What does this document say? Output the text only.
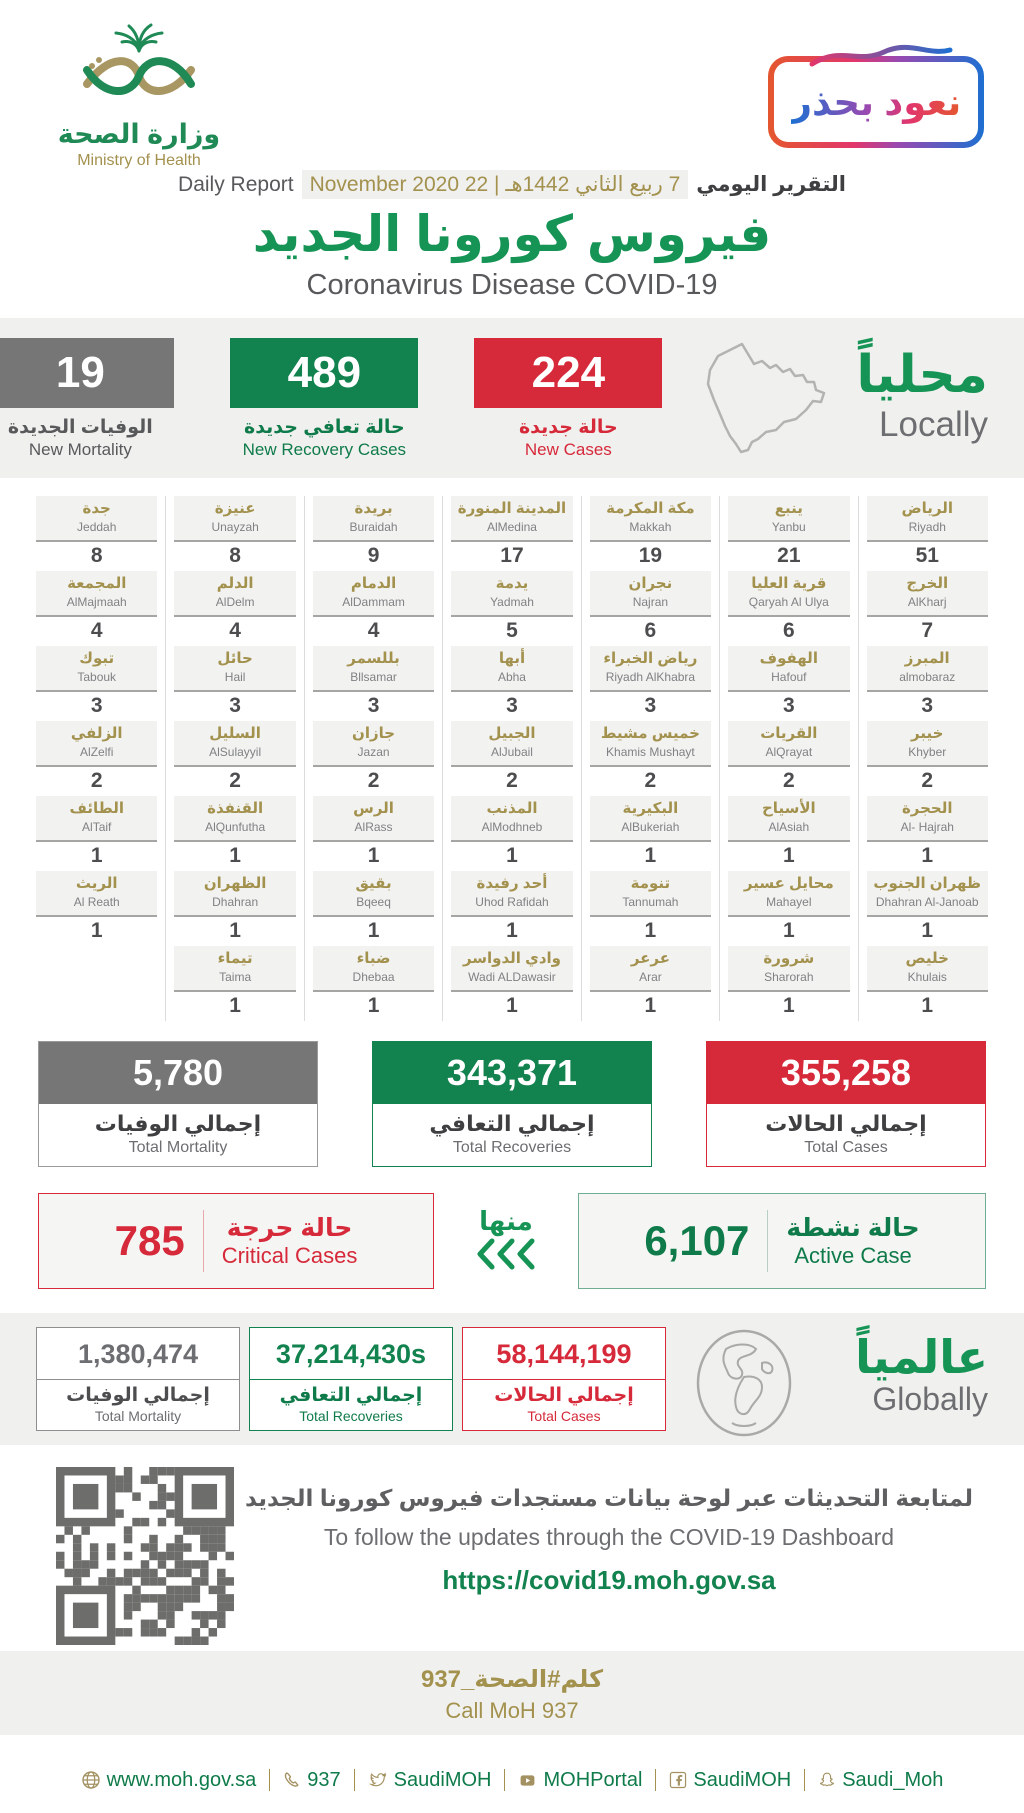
وزارة الصحة
Ministry of Health
نعود بحذر
التقرير اليومي
7 ربيع الثاني 1442هـ | 22 November 2020
Daily Report
فيروس كورونا الجديد
Coronavirus Disease COVID-19
محلياً
Locally
224
حالة جديدة
New Cases
489
حالة تعافي جديدة
New Recovery Cases
19
الوفيات الجديدة
New Mortality
جدة
Jeddah
8
المجمعة
AlMajmaah
4
تبوك
Tabouk
3
الزلفي
AlZelfi
2
الطائف
AlTaif
1
الريث
Al Reath
1
عنيزة
Unayzah
8
الدلم
AlDelm
4
حائل
Hail
3
السليل
AlSulayyil
2
القنفذة
AlQunfutha
1
الظهران
Dhahran
1
تيماء
Taima
1
بريدة
Buraidah
9
الدمام
AlDammam
4
بللسمر
Bllsamar
3
جازان
Jazan
2
الرس
AlRass
1
بقيق
Bqeeq
1
ضباء
Dhebaa
1
المدينة المنورة
AlMedina
17
يدمة
Yadmah
5
أبها
Abha
3
الجبيل
AlJubail
2
المذنب
AlModhneb
1
أحد رفيدة
Uhod Rafidah
1
وادي الدواسر
Wadi ALDawasir
1
مكة المكرمة
Makkah
19
نجران
Najran
6
رياض الخبراء
Riyadh AlKhabra
3
خميس مشيط
Khamis Mushayt
2
البكيرية
AlBukeriah
1
تنومة
Tannumah
1
عرعر
Arar
1
ينبع
Yanbu
21
قرية العليا
Qaryah Al Ulya
6
الهفوف
Hafouf
3
القريات
AlQrayat
2
الأسياح
AlAsiah
1
محايل عسير
Mahayel
1
شرورة
Sharorah
1
الرياض
Riyadh
51
الخرج
AlKharj
7
المبرز
almobaraz
3
خيبر
Khyber
2
الحجرة
Al- Hajrah
1
ظهران الجنوب
Dhahran Al-Janoab
1
خليص
Khulais
1
355,258
إجمالي الحالات
Total Cases
343,371
إجمالي التعافي
Total Recoveries
5,780
إجمالي الوفيات
Total Mortality
785 حالة حرجة
Critical Cases
منها	6,107 حالة نشطة
Active Case
عالمياً
Globally
58,144,199
إجمالي الحالات
Total Cases
37,214,430s
إجمالي التعافي
Total Recoveries
1,380,474
إجمالي الوفيات
Total Mortality
لمتابعة التحديثات عبر لوحة بيانات مستجدات فيروس كورونا الجديد
To follow the updates through the COVID-19 Dashboard
https://covid19.moh.gov.sa
كلم#الصحة_937
Call MoH 937
www.moh.gov.sa	937	SaudiMOH	MOHPortal	SaudiMOH	Saudi_Moh
